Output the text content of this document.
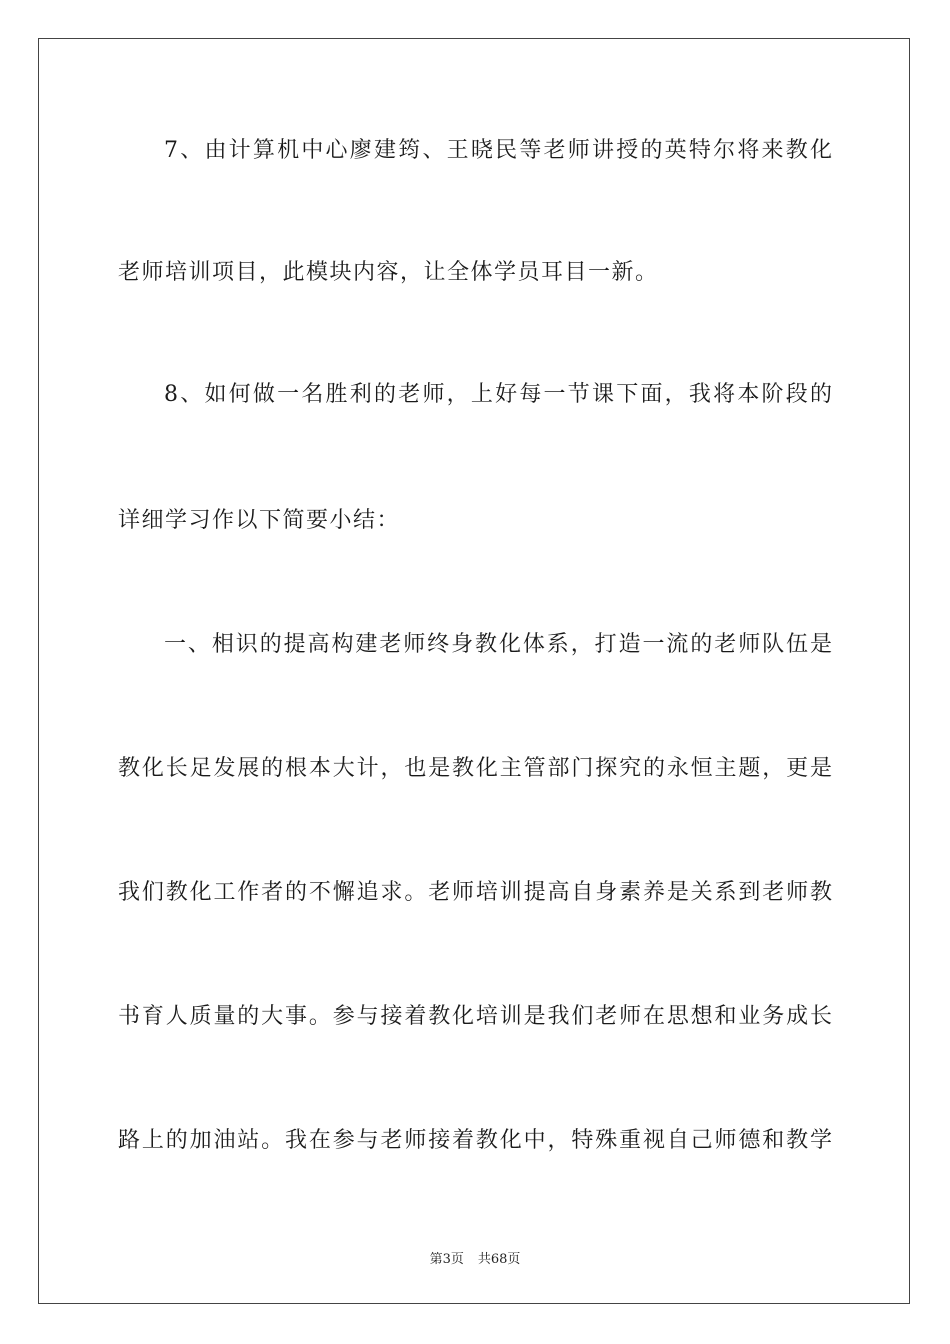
7、由计算机中心廖建筠、王晓民等老师讲授的英特尔将来教化
老师培训项目，此模块内容，让全体学员耳目一新。
8、如何做一名胜利的老师，上好每一节课下面，我将本阶段的
详细学习作以下简要小结：
一、相识的提高构建老师终身教化体系，打造一流的老师队伍是
教化长足发展的根本大计，也是教化主管部门探究的永恒主题，更是
我们教化工作者的不懈追求。老师培训提高自身素养是关系到老师教
书育人质量的大事。参与接着教化培训是我们老师在思想和业务成长
路上的加油站。我在参与老师接着教化中，特殊重视自己师德和教学
第3页 共68页
